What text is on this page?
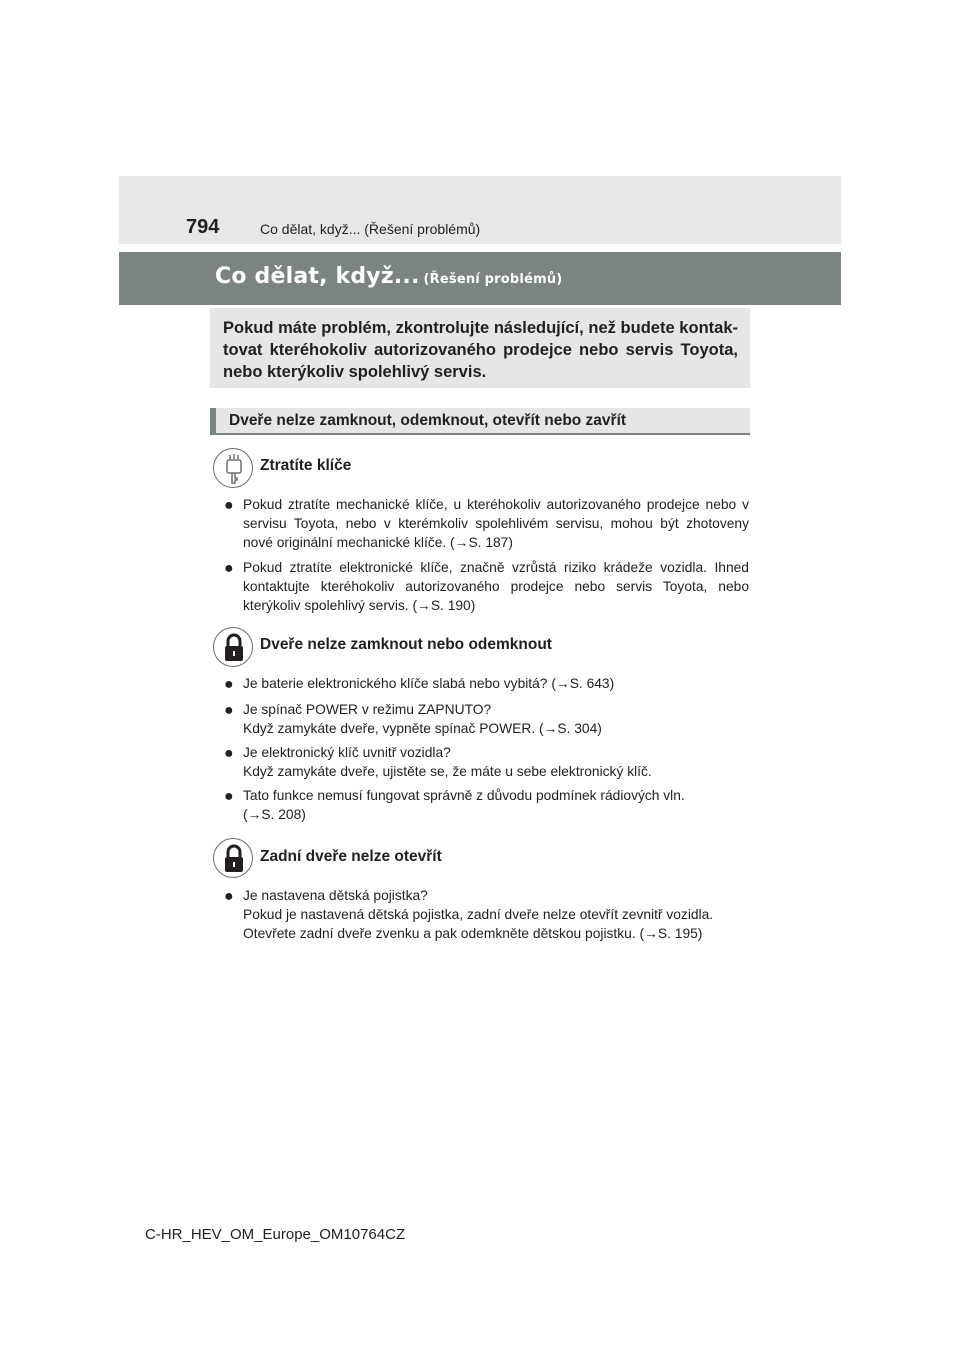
794	Co dělat, když... (Řešení problémů)
Co dělat, když... (Řešení problémů)
Pokud máte problém, zkontrolujte následující, než budete kontaktovat kteréhokoliv autorizovaného prodejce nebo servis Toyota, nebo kterýkoliv spolehlivý servis.
Dveře nelze zamknout, odemknout, otevřít nebo zavřít
Ztratíte klíče
● Pokud ztratíte mechanické klíče, u kteréhokoliv autorizovaného prodejce nebo v servisu Toyota, nebo v kterémkoliv spolehlivém servisu, mohou být zhotoveny nové originální mechanické klíče. (→S. 187)
● Pokud ztratíte elektronické klíče, značně vzrůstá riziko krádeže vozidla. Ihned kontaktujte kteréhokoliv autorizovaného prodejce nebo servis Toyota, nebo kterýkoliv spolehlivý servis. (→S. 190)
Dveře nelze zamknout nebo odemknout
● Je baterie elektronického klíče slabá nebo vybitá? (→S. 643)
● Je spínač POWER v režimu ZAPNUTO?
Když zamykáte dveře, vypněte spínač POWER. (→S. 304)
● Je elektronický klíč uvnitř vozidla?
Když zamykáte dveře, ujistěte se, že máte u sebe elektronický klíč.
● Tato funkce nemusí fungovat správně z důvodu podmínek rádiových vln.
(→S. 208)
Zadní dveře nelze otevřít
● Je nastavena dětská pojistka?
Pokud je nastavená dětská pojistka, zadní dveře nelze otevřít zevnitř vozidla.
Otevřete zadní dveře zvenku a pak odemkněte dětskou pojistku. (→S. 195)
C-HR_HEV_OM_Europe_OM10764CZ
